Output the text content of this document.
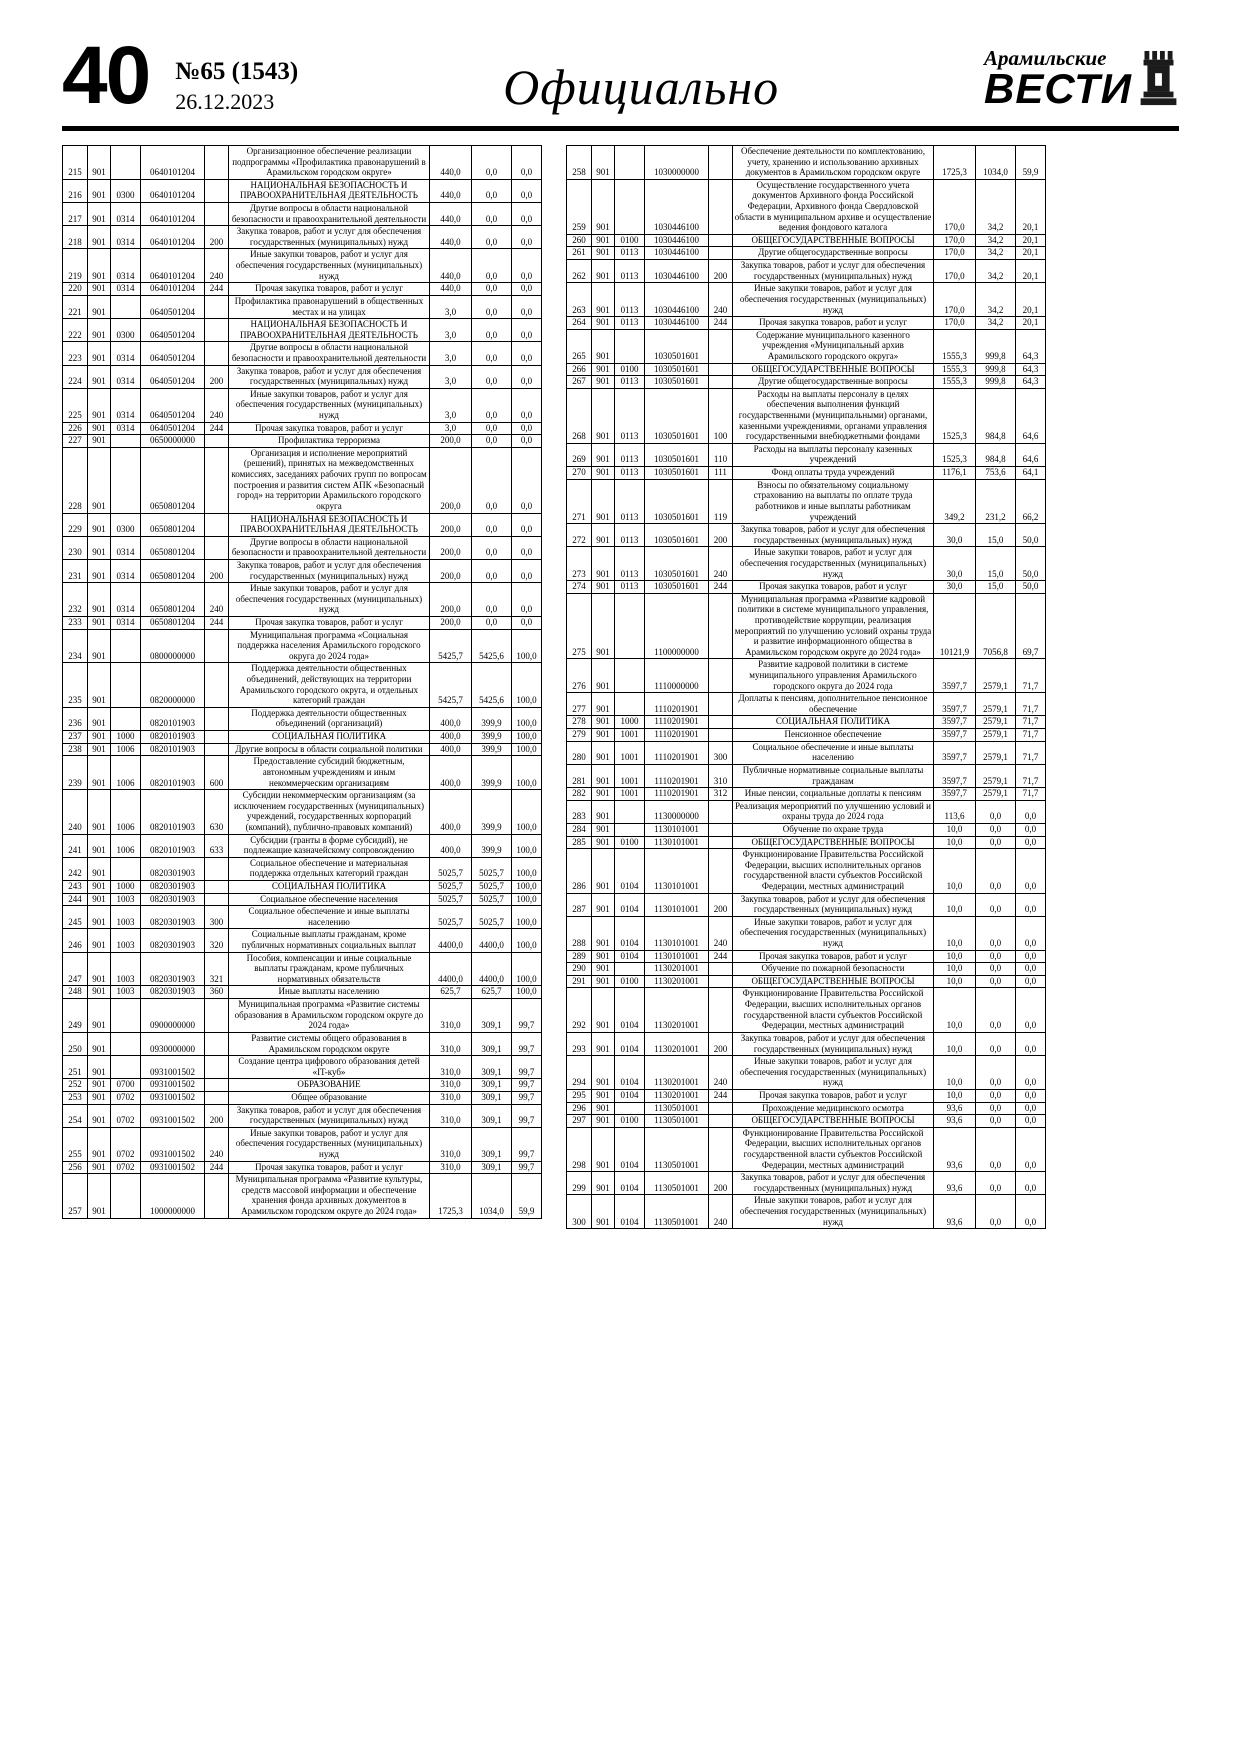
40 №65 (1543)
26.12.2023	Официально
Арамильские
ВЕСТИ
215	901		0640101204		Организационное обеспечение реализации подпрограммы «Профилактика правонарушений в Арамильском городском округе»	440,0	0,0	0,0
216	901	0300	0640101204		НАЦИОНАЛЬНАЯ БЕЗОПАСНОСТЬ И ПРАВООХРАНИТЕЛЬНАЯ ДЕЯТЕЛЬНОСТЬ	440,0	0,0	0,0
217	901	0314	0640101204		Другие вопросы в области национальной безопасности и правоохранительной деятельности	440,0	0,0	0,0
218	901	0314	0640101204	200	Закупка товаров, работ и услуг для обеспечения государственных (муниципальных) нужд	440,0	0,0	0,0
219	901	0314	0640101204	240	Иные закупки товаров, работ и услуг для обеспечения государственных (муниципальных) нужд	440,0	0,0	0,0
220	901	0314	0640101204	244	Прочая закупка товаров, работ и услуг	440,0	0,0	0,0
221	901		0640501204		Профилактика правонарушений в общественных местах и на улицах	3,0	0,0	0,0
222	901	0300	0640501204		НАЦИОНАЛЬНАЯ БЕЗОПАСНОСТЬ И ПРАВООХРАНИТЕЛЬНАЯ ДЕЯТЕЛЬНОСТЬ	3,0	0,0	0,0
223	901	0314	0640501204		Другие вопросы в области национальной безопасности и правоохранительной деятельности	3,0	0,0	0,0
224	901	0314	0640501204	200	Закупка товаров, работ и услуг для обеспечения государственных (муниципальных) нужд	3,0	0,0	0,0
225	901	0314	0640501204	240	Иные закупки товаров, работ и услуг для обеспечения государственных (муниципальных) нужд	3,0	0,0	0,0
226	901	0314	0640501204	244	Прочая закупка товаров, работ и услуг	3,0	0,0	0,0
227	901		0650000000		Профилактика терроризма	200,0	0,0	0,0
228	901		0650801204		Организация и исполнение мероприятий (решений), принятых на межведомственных комиссиях, заседаниях рабочих групп по вопросам построения и развития систем АПК «Безопасный город» на территории Арамильского городского округа	200,0	0,0	0,0
229	901	0300	0650801204		НАЦИОНАЛЬНАЯ БЕЗОПАСНОСТЬ И ПРАВООХРАНИТЕЛЬНАЯ ДЕЯТЕЛЬНОСТЬ	200,0	0,0	0,0
230	901	0314	0650801204		Другие вопросы в области национальной безопасности и правоохранительной деятельности	200,0	0,0	0,0
231	901	0314	0650801204	200	Закупка товаров, работ и услуг для обеспечения государственных (муниципальных) нужд	200,0	0,0	0,0
232	901	0314	0650801204	240	Иные закупки товаров, работ и услуг для обеспечения государственных (муниципальных) нужд	200,0	0,0	0,0
233	901	0314	0650801204	244	Прочая закупка товаров, работ и услуг	200,0	0,0	0,0
234	901		0800000000		Муниципальная программа «Социальная поддержка населения Арамильского городского округа до 2024 года»	5425,7	5425,6	100,0
235	901		0820000000		Поддержка деятельности общественных объединений, действующих на территории Арамильского городского округа, и отдельных категорий граждан	5425,7	5425,6	100,0
236	901		0820101903		Поддержка деятельности общественных объединений (организаций)	400,0	399,9	100,0
237	901	1000	0820101903		СОЦИАЛЬНАЯ ПОЛИТИКА	400,0	399,9	100,0
238	901	1006	0820101903		Другие вопросы в области социальной политики	400,0	399,9	100,0
239	901	1006	0820101903	600	Предоставление субсидий бюджетным, автономным учреждениям и иным некоммерческим организациям	400,0	399,9	100,0
240	901	1006	0820101903	630	Субсидии некоммерческим организациям (за исключением государственных (муниципальных) учреждений, государственных корпораций (компаний), публично-правовых компаний)	400,0	399,9	100,0
241	901	1006	0820101903	633	Субсидии (гранты в форме субсидий), не подлежащие казначейскому сопровождению	400,0	399,9	100,0
242	901		0820301903		Социальное обеспечение и материальная поддержка отдельных категорий граждан	5025,7	5025,7	100,0
243	901	1000	0820301903		СОЦИАЛЬНАЯ ПОЛИТИКА	5025,7	5025,7	100,0
244	901	1003	0820301903		Социальное обеспечение населения	5025,7	5025,7	100,0
245	901	1003	0820301903	300	Социальное обеспечение и иные выплаты населению	5025,7	5025,7	100,0
246	901	1003	0820301903	320	Социальные выплаты гражданам, кроме публичных нормативных социальных выплат	4400,0	4400,0	100,0
247	901	1003	0820301903	321	Пособия, компенсации и иные социальные выплаты гражданам, кроме публичных нормативных обязательств	4400,0	4400,0	100,0
248	901	1003	0820301903	360	Иные выплаты населению	625,7	625,7	100,0
249	901		0900000000		Муниципальная программа «Развитие системы образования в Арамильском городском округе до 2024 года»	310,0	309,1	99,7
250	901		0930000000		Развитие системы общего образования в Арамильском городском округе	310,0	309,1	99,7
251	901		0931001502		Создание центра цифрового образования детей «IT-куб»	310,0	309,1	99,7
252	901	0700	0931001502		ОБРАЗОВАНИЕ	310,0	309,1	99,7
253	901	0702	0931001502		Общее образование	310,0	309,1	99,7
254	901	0702	0931001502	200	Закупка товаров, работ и услуг для обеспечения государственных (муниципальных) нужд	310,0	309,1	99,7
255	901	0702	0931001502	240	Иные закупки товаров, работ и услуг для обеспечения государственных (муниципальных) нужд	310,0	309,1	99,7
256	901	0702	0931001502	244	Прочая закупка товаров, работ и услуг	310,0	309,1	99,7
257	901		1000000000		Муниципальная программа «Развитие культуры, средств массовой информации и обеспечение хранения фонда архивных документов в Арамильском городском округе до 2024 года»	1725,3	1034,0	59,9
258	901		1030000000		Обеспечение деятельности по комплектованию, учету, хранению и использованию архивных документов в Арамильском городском округе	1725,3	1034,0	59,9
259	901		1030446100		Осуществление государственного учета документов Архивного фонда Российской Федерации, Архивного фонда Свердловской области в муниципальном архиве и осуществление ведения фондового каталога	170,0	34,2	20,1
260	901	0100	1030446100		ОБЩЕГОСУДАРСТВЕННЫЕ ВОПРОСЫ	170,0	34,2	20,1
261	901	0113	1030446100		Другие общегосударственные вопросы	170,0	34,2	20,1
262	901	0113	1030446100	200	Закупка товаров, работ и услуг для обеспечения государственных (муниципальных) нужд	170,0	34,2	20,1
263	901	0113	1030446100	240	Иные закупки товаров, работ и услуг для обеспечения государственных (муниципальных) нужд	170,0	34,2	20,1
264	901	0113	1030446100	244	Прочая закупка товаров, работ и услуг	170,0	34,2	20,1
265	901		1030501601		Содержание муниципального казенного учреждения «Муниципальный архив Арамильского городского округа»	1555,3	999,8	64,3
266	901	0100	1030501601		ОБЩЕГОСУДАРСТВЕННЫЕ ВОПРОСЫ	1555,3	999,8	64,3
267	901	0113	1030501601		Другие общегосударственные вопросы	1555,3	999,8	64,3
268	901	0113	1030501601	100	Расходы на выплаты персоналу в целях обеспечения выполнения функций государственными (муниципальными) органами, казенными учреждениями, органами управления государственными внебюджетными фондами	1525,3	984,8	64,6
269	901	0113	1030501601	110	Расходы на выплаты персоналу казенных учреждений	1525,3	984,8	64,6
270	901	0113	1030501601	111	Фонд оплаты труда учреждений	1176,1	753,6	64,1
271	901	0113	1030501601	119	Взносы по обязательному социальному страхованию на выплаты по оплате труда работников и иные выплаты работникам учреждений	349,2	231,2	66,2
272	901	0113	1030501601	200	Закупка товаров, работ и услуг для обеспечения государственных (муниципальных) нужд	30,0	15,0	50,0
273	901	0113	1030501601	240	Иные закупки товаров, работ и услуг для обеспечения государственных (муниципальных) нужд	30,0	15,0	50,0
274	901	0113	1030501601	244	Прочая закупка товаров, работ и услуг	30,0	15,0	50,0
275	901		1100000000		Муниципальная программа «Развитие кадровой политики в системе муниципального управления, противодействие коррупции, реализация мероприятий по улучшению условий охраны труда и развитие информационного общества в Арамильском городском округе до 2024 года»	10121,9	7056,8	69,7
276	901		1110000000		Развитие кадровой политики в системе муниципального управления Арамильского городского округа до 2024 года	3597,7	2579,1	71,7
277	901		1110201901		Доплаты к пенсиям, дополнительное пенсионное обеспечение	3597,7	2579,1	71,7
278	901	1000	1110201901		СОЦИАЛЬНАЯ ПОЛИТИКА	3597,7	2579,1	71,7
279	901	1001	1110201901		Пенсионное обеспечение	3597,7	2579,1	71,7
280	901	1001	1110201901	300	Социальное обеспечение и иные выплаты населению	3597,7	2579,1	71,7
281	901	1001	1110201901	310	Публичные нормативные социальные выплаты гражданам	3597,7	2579,1	71,7
282	901	1001	1110201901	312	Иные пенсии, социальные доплаты к пенсиям	3597,7	2579,1	71,7
283	901		1130000000		Реализация мероприятий по улучшению условий и охраны труда до 2024 года	113,6	0,0	0,0
284	901		1130101001		Обучение по охране труда	10,0	0,0	0,0
285	901	0100	1130101001		ОБЩЕГОСУДАРСТВЕННЫЕ ВОПРОСЫ	10,0	0,0	0,0
286	901	0104	1130101001		Функционирование Правительства Российской Федерации, высших исполнительных органов государственной власти субъектов Российской Федерации, местных администраций	10,0	0,0	0,0
287	901	0104	1130101001	200	Закупка товаров, работ и услуг для обеспечения государственных (муниципальных) нужд	10,0	0,0	0,0
288	901	0104	1130101001	240	Иные закупки товаров, работ и услуг для обеспечения государственных (муниципальных) нужд	10,0	0,0	0,0
289	901	0104	1130101001	244	Прочая закупка товаров, работ и услуг	10,0	0,0	0,0
290	901		1130201001		Обучение по пожарной безопасности	10,0	0,0	0,0
291	901	0100	1130201001		ОБЩЕГОСУДАРСТВЕННЫЕ ВОПРОСЫ	10,0	0,0	0,0
292	901	0104	1130201001		Функционирование Правительства Российской Федерации, высших исполнительных органов государственной власти субъектов Российской Федерации, местных администраций	10,0	0,0	0,0
293	901	0104	1130201001	200	Закупка товаров, работ и услуг для обеспечения государственных (муниципальных) нужд	10,0	0,0	0,0
294	901	0104	1130201001	240	Иные закупки товаров, работ и услуг для обеспечения государственных (муниципальных) нужд	10,0	0,0	0,0
295	901	0104	1130201001	244	Прочая закупка товаров, работ и услуг	10,0	0,0	0,0
296	901		1130501001		Прохождение медицинского осмотра	93,6	0,0	0,0
297	901	0100	1130501001		ОБЩЕГОСУДАРСТВЕННЫЕ ВОПРОСЫ	93,6	0,0	0,0
298	901	0104	1130501001		Функционирование Правительства Российской Федерации, высших исполнительных органов государственной власти субъектов Российской Федерации, местных администраций	93,6	0,0	0,0
299	901	0104	1130501001	200	Закупка товаров, работ и услуг для обеспечения государственных (муниципальных) нужд	93,6	0,0	0,0
300	901	0104	1130501001	240	Иные закупки товаров, работ и услуг для обеспечения государственных (муниципальных) нужд	93,6	0,0	0,0
